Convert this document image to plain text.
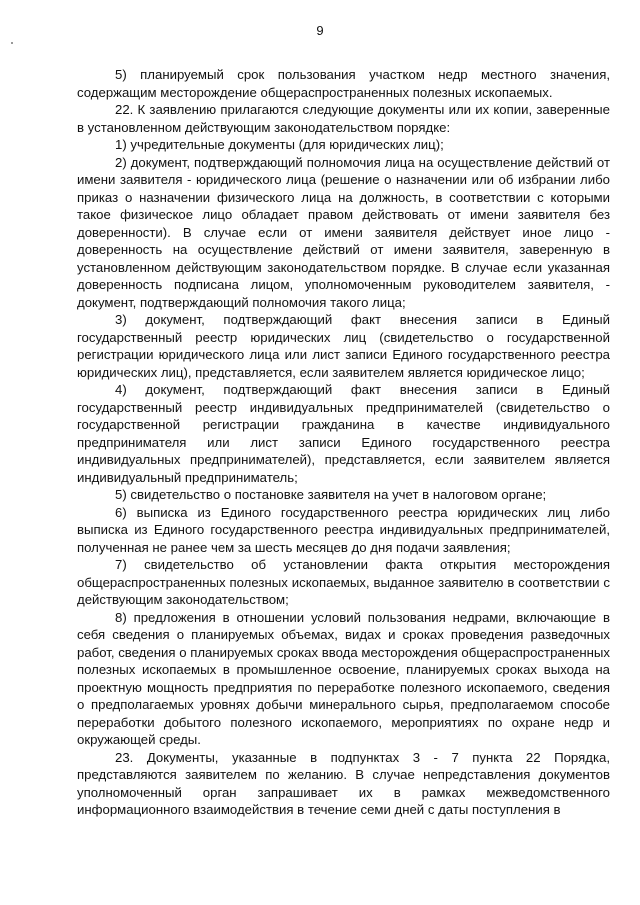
9

5) планируемый срок пользования участком недр местного значения, содержащим месторождение общераспространенных полезных ископаемых.

22. К заявлению прилагаются следующие документы или их копии, заверенные в установленном действующим законодательством порядке:

1) учредительные документы (для юридических лиц);

2) документ, подтверждающий полномочия лица на осуществление действий от имени заявителя - юридического лица (решение о назначении или об избрании либо приказ о назначении физического лица на должность, в соответствии с которыми такое физическое лицо обладает правом действовать от имени заявителя без доверенности). В случае если от имени заявителя действует иное лицо - доверенность на осуществление действий от имени заявителя, заверенную в установленном действующим законодательством порядке. В случае если указанная доверенность подписана лицом, уполномоченным руководителем заявителя, - документ, подтверждающий полномочия такого лица;

3) документ, подтверждающий факт внесения записи в Единый государственный реестр юридических лиц (свидетельство о государственной регистрации юридического лица или лист записи Единого государственного реестра юридических лиц), представляется, если заявителем является юридическое лицо;

4) документ, подтверждающий факт внесения записи в Единый государственный реестр индивидуальных предпринимателей (свидетельство о государственной регистрации гражданина в качестве индивидуального предпринимателя или лист записи Единого государственного реестра индивидуальных предпринимателей), представляется, если заявителем является индивидуальный предприниматель;

5) свидетельство о постановке заявителя на учет в налоговом органе;

6) выписка из Единого государственного реестра юридических лиц либо выписка из Единого государственного реестра индивидуальных предпринимателей, полученная не ранее чем за шесть месяцев до дня подачи заявления;

7) свидетельство об установлении факта открытия месторождения общераспространенных полезных ископаемых, выданное заявителю в соответствии с действующим законодательством;

8) предложения в отношении условий пользования недрами, включающие в себя сведения о планируемых объемах, видах и сроках проведения разведочных работ, сведения о планируемых сроках ввода месторождения общераспространенных полезных ископаемых в промышленное освоение, планируемых сроках выхода на проектную мощность предприятия по переработке полезного ископаемого, сведения о предполагаемых уровнях добычи минерального сырья, предполагаемом способе переработки добытого полезного ископаемого, мероприятиях по охране недр и окружающей среды.

23. Документы, указанные в подпунктах 3 - 7 пункта 22 Порядка, представляются заявителем по желанию. В случае непредставления документов уполномоченный орган запрашивает их в рамках межведомственного информационного взаимодействия в течение семи дней с даты поступления в
